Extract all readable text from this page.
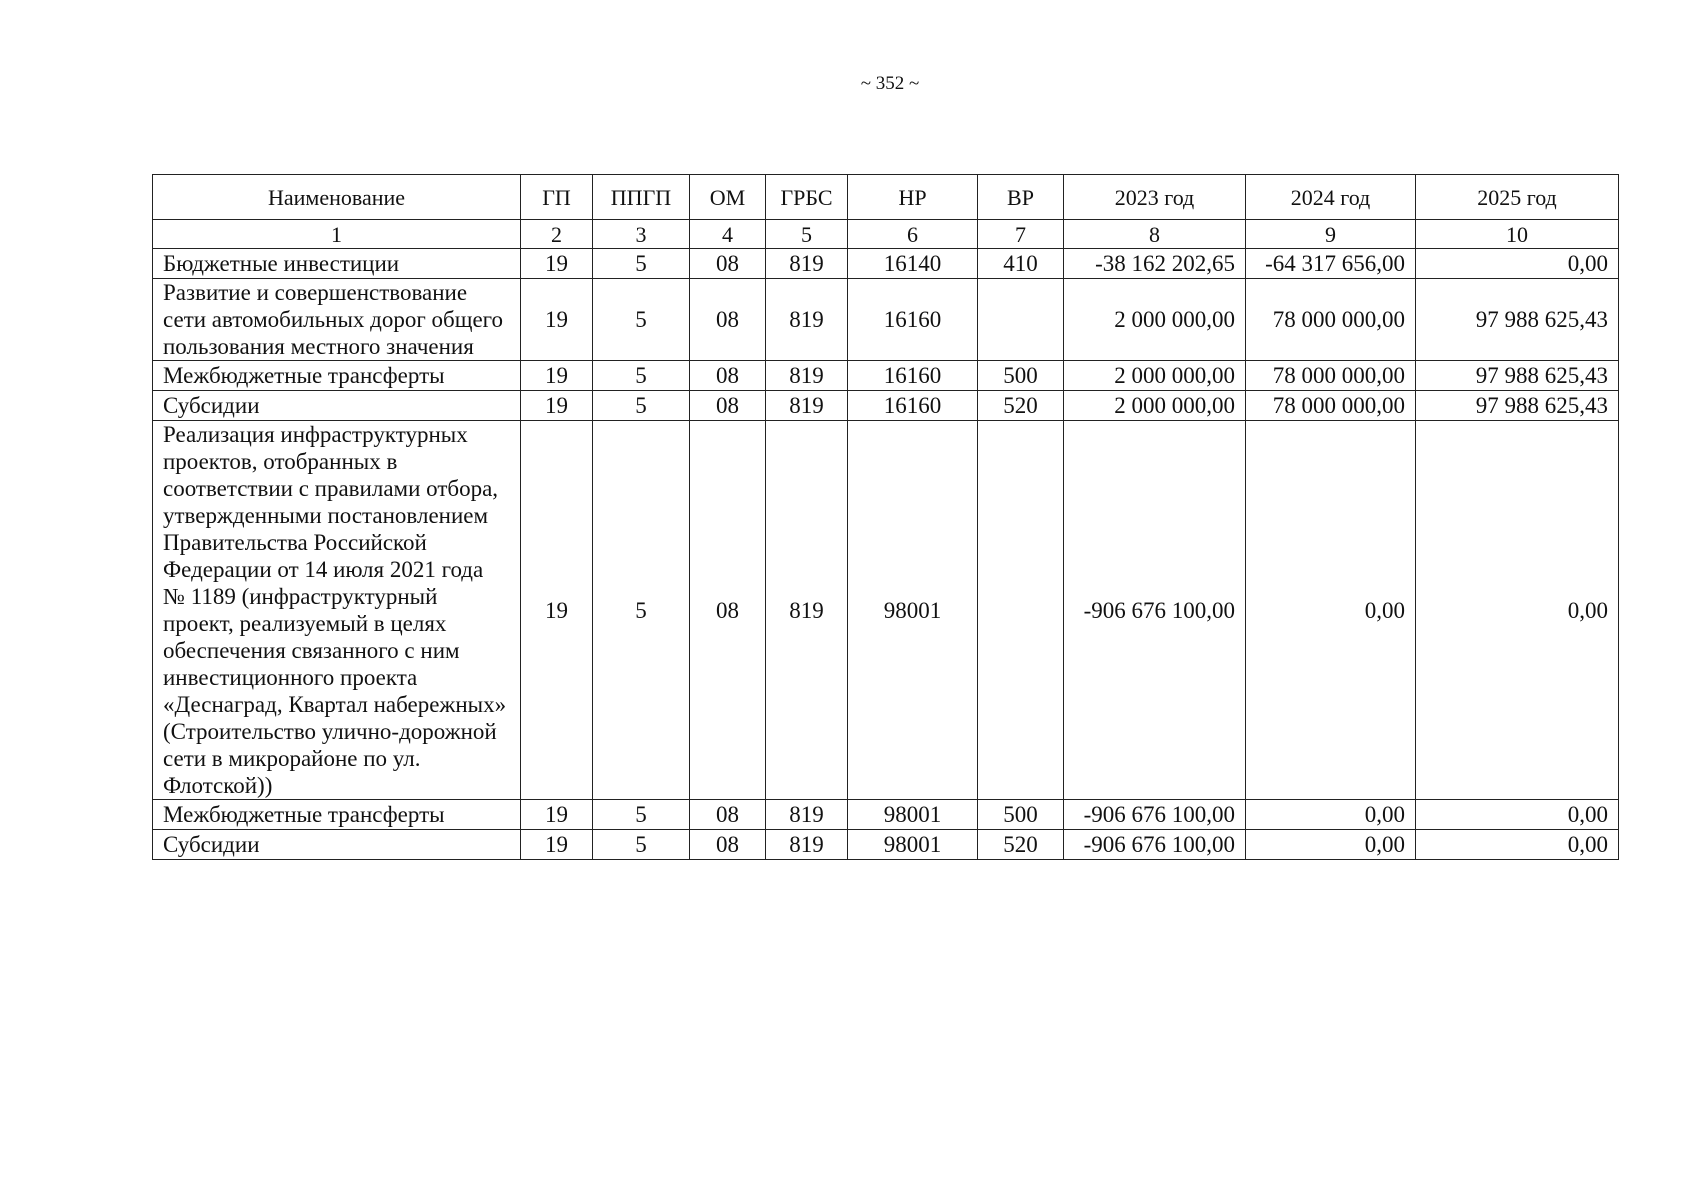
~ 352 ~
Наименование	ГП	ППГП	ОМ	ГРБС	НР	ВР	2023 год	2024 год	2025 год
1	2	3	4	5	6	7	8	9	10
Бюджетные инвестиции	19	5	08	819	16140	410	-38 162 202,65	-64 317 656,00	0,00
Развитие и совершенствование сети автомобильных дорог общего пользования местного значения	19	5	08	819	16160		2 000 000,00	78 000 000,00	97 988 625,43
Межбюджетные трансферты	19	5	08	819	16160	500	2 000 000,00	78 000 000,00	97 988 625,43
Субсидии	19	5	08	819	16160	520	2 000 000,00	78 000 000,00	97 988 625,43
Реализация инфраструктурных проектов, отобранных в соответствии с правилами отбора, утвержденными постановлением Правительства Российской Федерации от 14 июля 2021 года № 1189 (инфраструктурный проект, реализуемый в целях обеспечения связанного с ним инвестиционного проекта «Деснаград, Квартал набережных» (Строительство улично-дорожной сети в микрорайоне по ул. Флотской))	19	5	08	819	98001		-906 676 100,00	0,00	0,00
Межбюджетные трансферты	19	5	08	819	98001	500	-906 676 100,00	0,00	0,00
Субсидии	19	5	08	819	98001	520	-906 676 100,00	0,00	0,00
